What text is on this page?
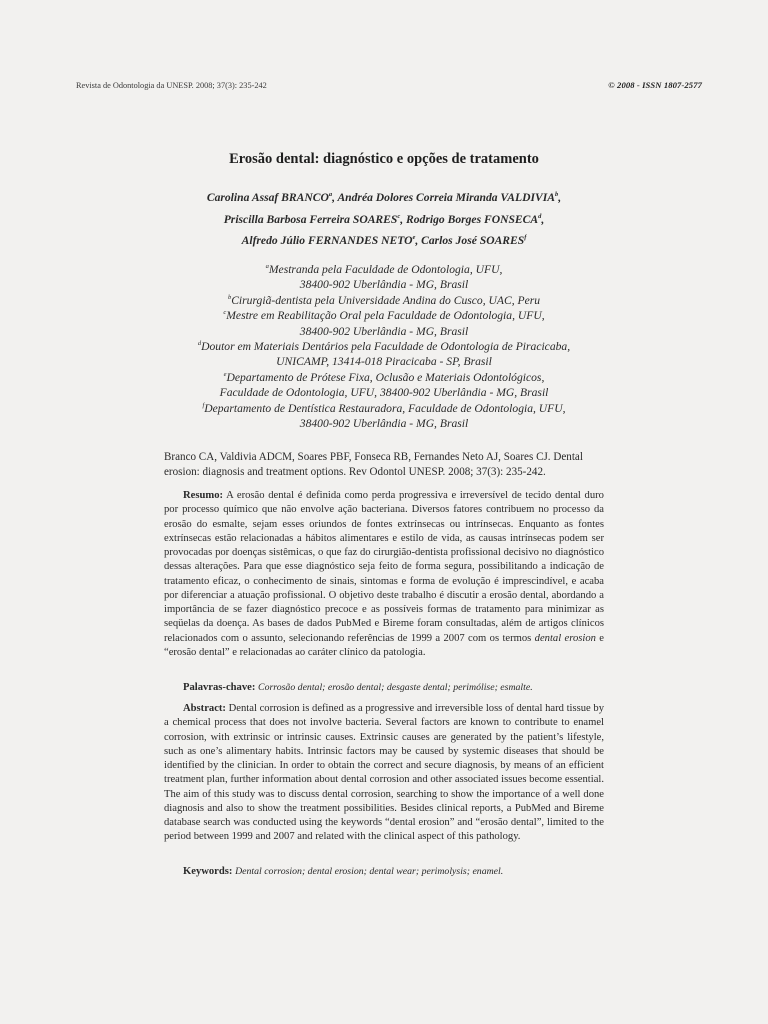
Revista de Odontologia da UNESP. 2008; 37(3): 235-242	© 2008 - ISSN 1807-2577
Erosão dental: diagnóstico e opções de tratamento
Carolina Assaf BRANCO$^a$, Andréa Dolores Correia Miranda VALDIVIA$^b$,
Priscilla Barbosa Ferreira SOARES$^c$, Rodrigo Borges FONSECA$^d$,
Alfredo Júlio FERNANDES NETO$^e$, Carlos José SOARES$^f$
$^a$Mestranda pela Faculdade de Odontologia, UFU,
38400-902 Uberlândia - MG, Brasil
$^b$Cirurgiã-dentista pela Universidade Andina do Cusco, UAC, Peru
$^c$Mestre em Reabilitação Oral pela Faculdade de Odontologia, UFU,
38400-902 Uberlândia - MG, Brasil
$^d$Doutor em Materiais Dentários pela Faculdade de Odontologia de Piracicaba,
UNICAMP, 13414-018 Piracicaba - SP, Brasil
$^e$Departamento de Prótese Fixa, Oclusão e Materiais Odontológicos,
Faculdade de Odontologia, UFU, 38400-902 Uberlândia - MG, Brasil
$^f$Departamento de Dentística Restauradora, Faculdade de Odontologia, UFU,
38400-902 Uberlândia - MG, Brasil
Branco CA, Valdivia ADCM, Soares PBF, Fonseca RB, Fernandes Neto AJ, Soares CJ. Dental erosion: diagnosis and treatment options. Rev Odontol UNESP. 2008; 37(3): 235-242.
Resumo: A erosão dental é definida como perda progressiva e irreversível de tecido dental duro por processo químico que não envolve ação bacteriana. Diversos fatores contribuem no processo da erosão do esmalte, sejam esses oriundos de fontes extrínsecas ou intrínsecas. Enquanto as fontes extrínsecas estão relacionadas a hábitos alimentares e estilo de vida, as causas intrínsecas podem ser provocadas por doenças sistêmicas, o que faz do cirurgião-dentista profissional decisivo no diagnóstico dessas alterações. Para que esse diagnóstico seja feito de forma segura, possibilitando a indicação de tratamento eficaz, o conhecimento de sinais, sintomas e forma de evolução é imprescindível, e acaba por diferenciar a atuação profissional. O objetivo deste trabalho é discutir a erosão dental, abordando a importância de se fazer diagnóstico precoce e as possíveis formas de tratamento para minimizar as seqüelas da doença. As bases de dados PubMed e Bireme foram consultadas, além de artigos clínicos relacionados com o assunto, selecionando referências de 1999 a 2007 com os termos dental erosion e “erosão dental” e relacionadas ao caráter clínico da patologia.
Palavras-chave: Corrosão dental; erosão dental; desgaste dental; perimólise; esmalte.
Abstract: Dental corrosion is defined as a progressive and irreversible loss of dental hard tissue by a chemical process that does not involve bacteria. Several factors are known to contribute to enamel corrosion, with extrinsic or intrinsic causes. Extrinsic causes are generated by the patient’s lifestyle, such as one’s alimentary habits. Intrinsic factors may be caused by systemic diseases that should be identified by the clinician. In order to obtain the correct and secure diagnosis, by means of an efficient treatment plan, further information about dental corrosion and other associated issues become essential. The aim of this study was to discuss dental corrosion, searching to show the importance of a well done diagnosis and also to show the treatment possibilities. Besides clinical reports, a PubMed and Bireme database search was conducted using the keywords “dental erosion” and “erosão dental”, limited to the period between 1999 and 2007 and related with the clinical aspect of this pathology.
Keywords: Dental corrosion; dental erosion; dental wear; perimolysis; enamel.
